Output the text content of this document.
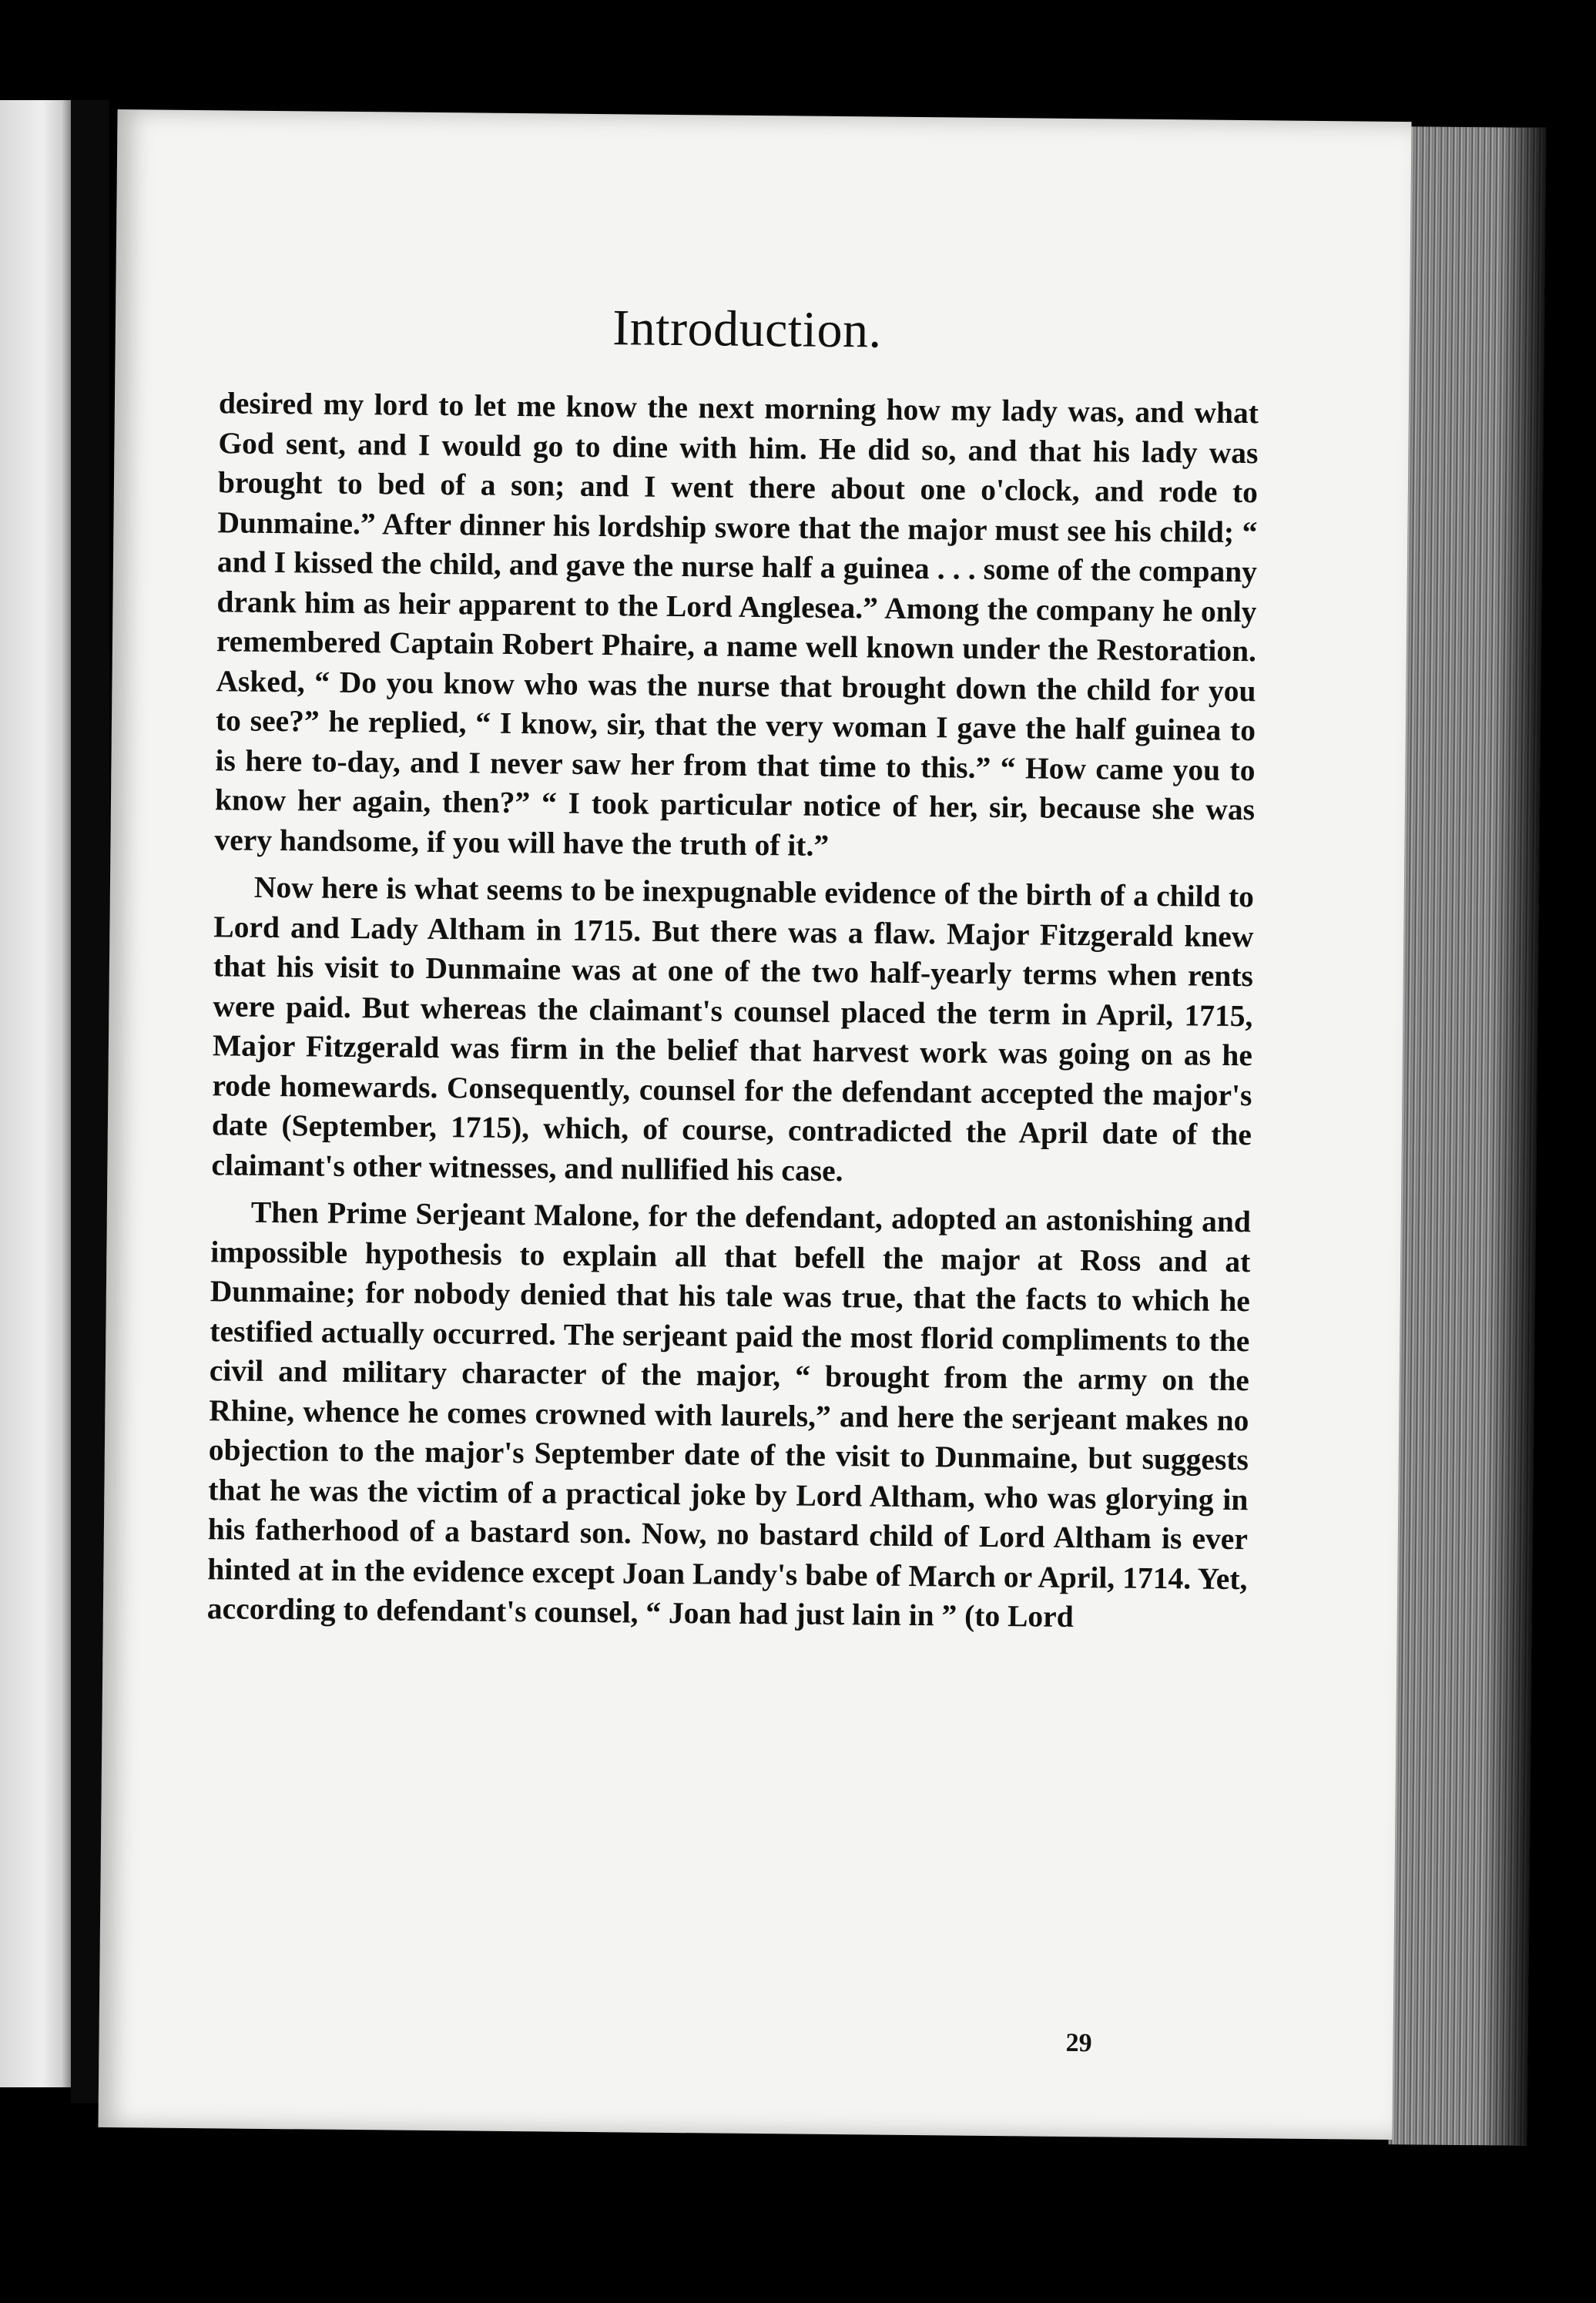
Introduction.

desired my lord to let me know the next morning how my lady was, and what God sent, and I would go to dine with him. He did so, and that his lady was brought to bed of a son; and I went there about one o'clock, and rode to Dunmaine.” After dinner his lordship swore that the major must see his child; “ and I kissed the child, and gave the nurse half a guinea . . . some of the company drank him as heir apparent to the Lord Anglesea.” Among the company he only remembered Captain Robert Phaire, a name well known under the Restoration. Asked, “ Do you know who was the nurse that brought down the child for you to see?” he replied, “ I know, sir, that the very woman I gave the half guinea to is here to-day, and I never saw her from that time to this.” “ How came you to know her again, then?” “ I took particular notice of her, sir, because she was very handsome, if you will have the truth of it.”

Now here is what seems to be inexpugnable evidence of the birth of a child to Lord and Lady Altham in 1715. But there was a flaw. Major Fitzgerald knew that his visit to Dunmaine was at one of the two half-yearly terms when rents were paid. But whereas the claimant's counsel placed the term in April, 1715, Major Fitzgerald was firm in the belief that harvest work was going on as he rode homewards. Consequently, counsel for the defendant accepted the major's date (September, 1715), which, of course, contradicted the April date of the claimant's other witnesses, and nullified his case.

Then Prime Serjeant Malone, for the defendant, adopted an astonishing and impossible hypothesis to explain all that befell the major at Ross and at Dunmaine; for nobody denied that his tale was true, that the facts to which he testified actually occurred. The serjeant paid the most florid compliments to the civil and military character of the major, “ brought from the army on the Rhine, whence he comes crowned with laurels,” and here the serjeant makes no objection to the major's September date of the visit to Dunmaine, but suggests that he was the victim of a practical joke by Lord Altham, who was glorying in his fatherhood of a bastard son. Now, no bastard child of Lord Altham is ever hinted at in the evidence except Joan Landy's babe of March or April, 1714. Yet, according to defendant's counsel, “ Joan had just lain in ” (to Lord

29
